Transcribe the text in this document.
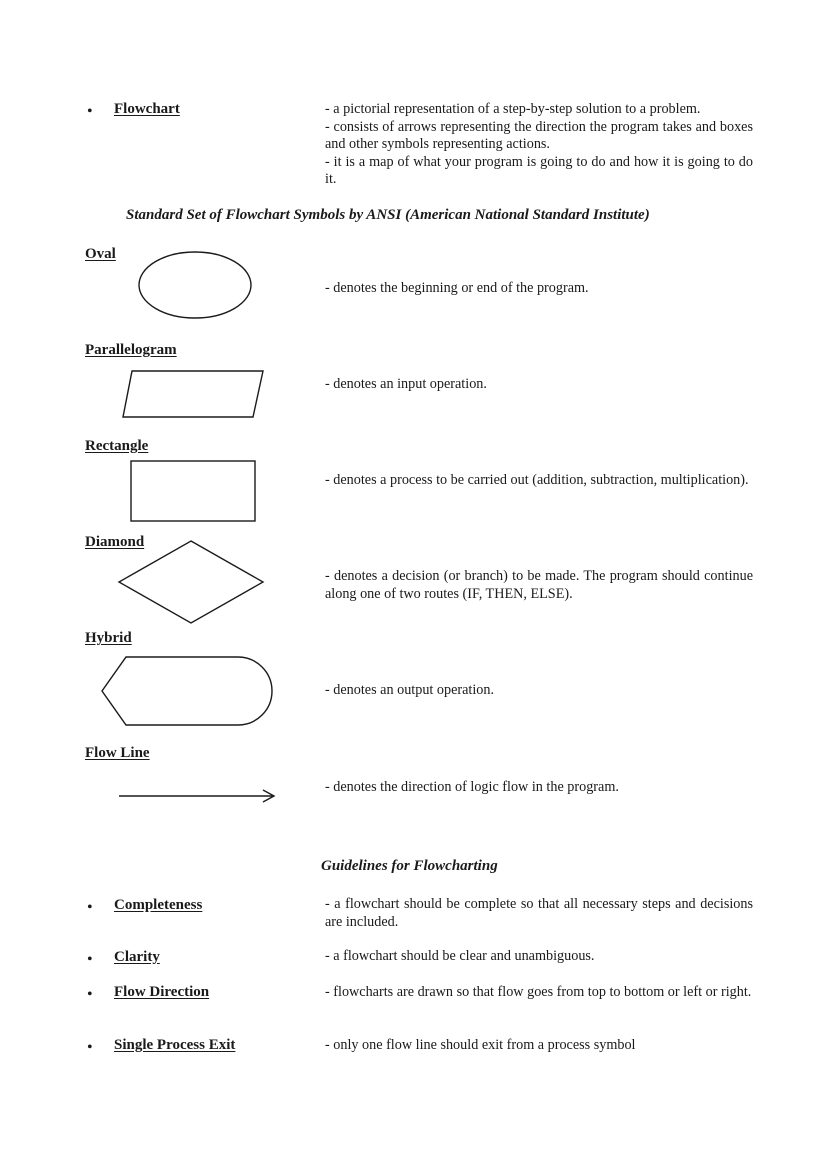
• Flowchart	- a pictorial representation of a step-by-step solution to a problem.
- consists of arrows representing the direction the program takes and boxes and other symbols representing actions.
- it is a map of what your program is going to do and how it is going to do it.
Standard Set of Flowchart Symbols by ANSI (American National Standard Institute)
Oval
- denotes the beginning or end of the program.
Parallelogram
- denotes an input operation.
Rectangle
- denotes a process to be carried out (addition, subtraction, multiplication).
Diamond
- denotes a decision (or branch) to be made. The program should continue along one of two routes (IF, THEN, ELSE).
Hybrid
- denotes an output operation.
Flow Line
- denotes the direction of logic flow in the program.
Guidelines for Flowcharting
• Completeness	- a flowchart should be complete so that all necessary steps and decisions are included.
• Clarity	- a flowchart should be clear and unambiguous.
• Flow Direction	- flowcharts are drawn so that flow goes from top to bottom or left or right.
• Single Process Exit	- only one flow line should exit from a process symbol
